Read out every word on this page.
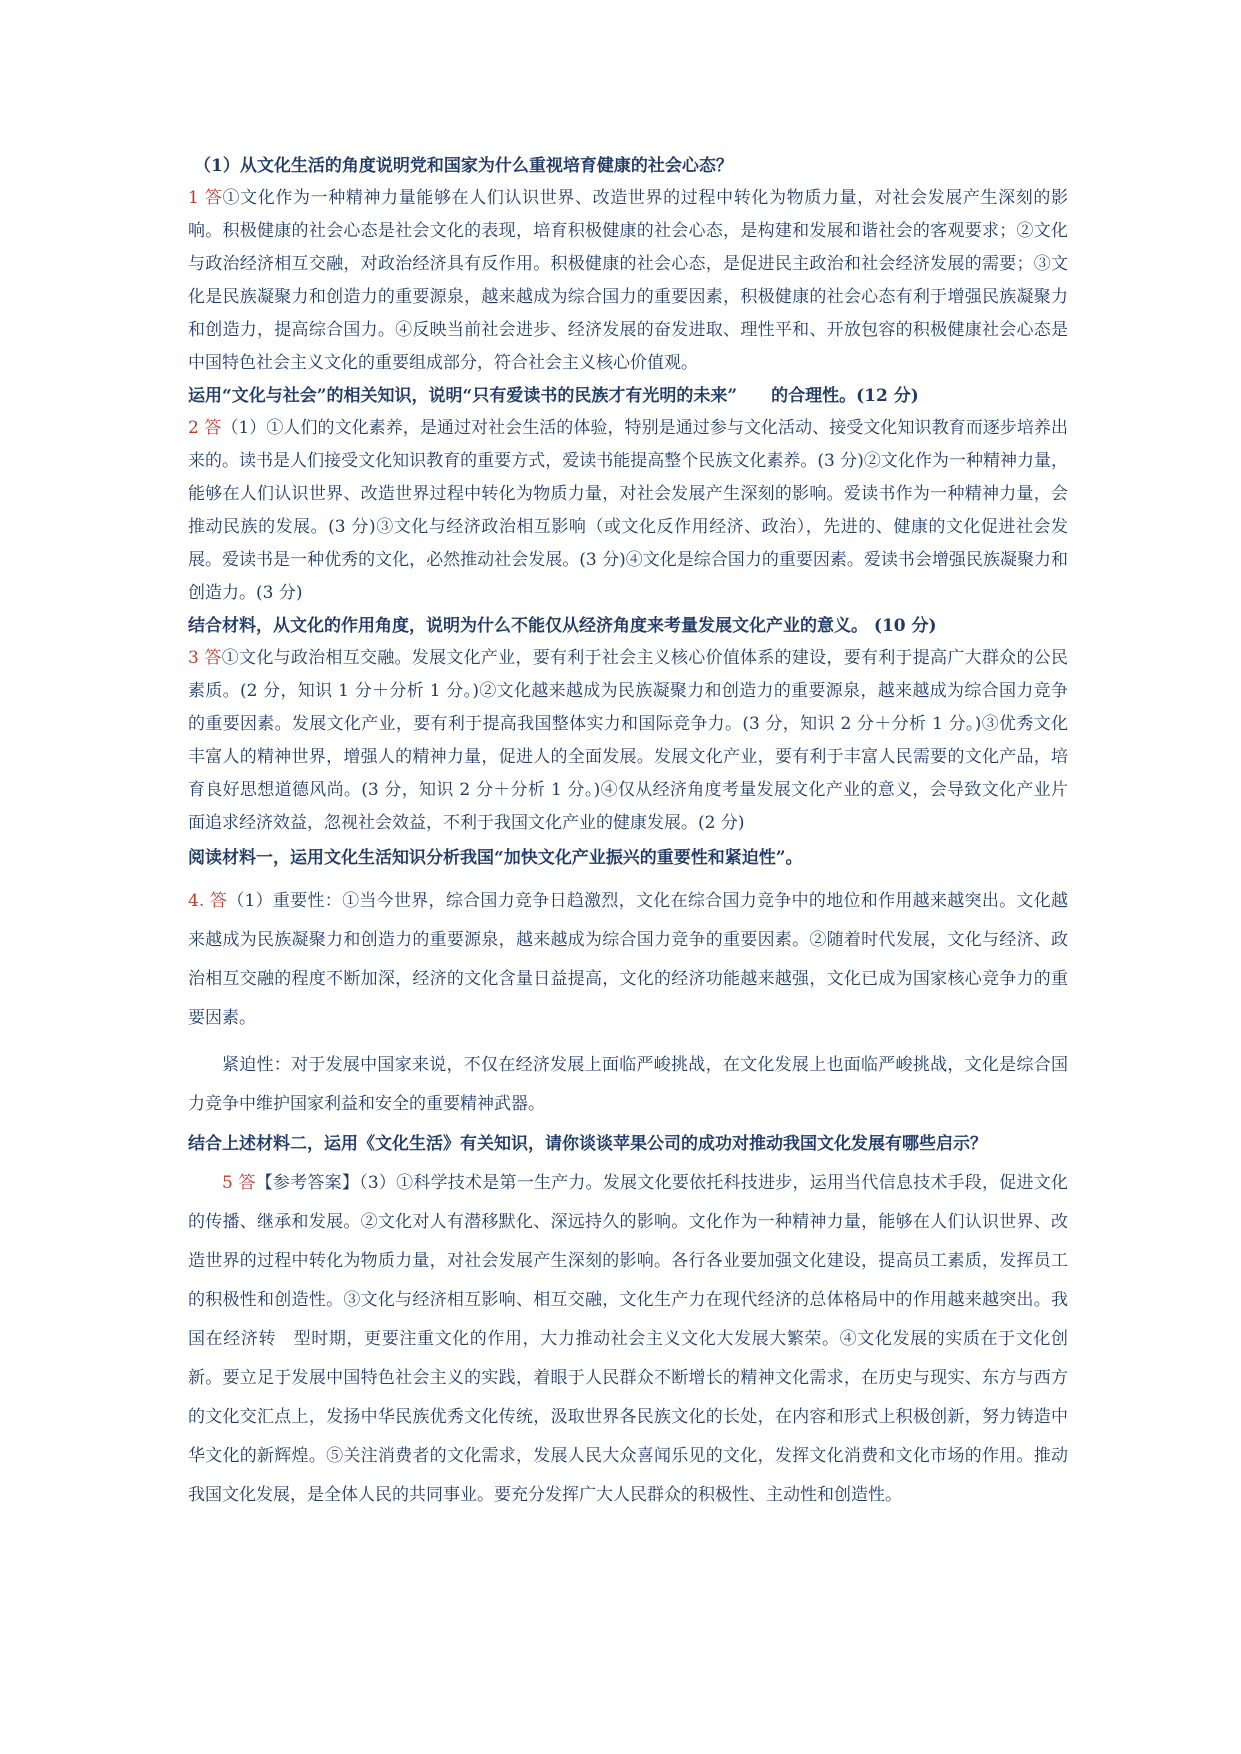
（1）从文化生活的角度说明党和国家为什么重视培育健康的社会心态？

1 答①文化作为一种精神力量能够在人们认识世界、改造世界的过程中转化为物质力量，对社会发展产生深刻的影响。积极健康的社会心态是社会文化的表现，培育积极健康的社会心态，是构建和发展和谐社会的客观要求；②文化与政治经济相互交融，对政治经济具有反作用。积极健康的社会心态，是促进民主政治和社会经济发展的需要；③文化是民族凝聚力和创造力的重要源泉，越来越成为综合国力的重要因素，积极健康的社会心态有利于增强民族凝聚力和创造力，提高综合国力。④反映当前社会进步、经济发展的奋发进取、理性平和、开放包容的积极健康社会心态是中国特色社会主义文化的重要组成部分，符合社会主义核心价值观。

运用“文化与社会”的相关知识，说明“只有爱读书的民族才有光明的未来”　　的合理性。(12 分)

2 答（1）①人们的文化素养，是通过对社会生活的体验，特别是通过参与文化活动、接受文化知识教育而逐步培养出来的。读书是人们接受文化知识教育的重要方式，爱读书能提高整个民族文化素养。(3 分)②文化作为一种精神力量，能够在人们认识世界、改造世界过程中转化为物质力量，对社会发展产生深刻的影响。爱读书作为一种精神力量，会推动民族的发展。(3 分)③文化与经济政治相互影响（或文化反作用经济、政治），先进的、健康的文化促进社会发展。爱读书是一种优秀的文化，必然推动社会发展。(3 分)④文化是综合国力的重要因素。爱读书会增强民族凝聚力和创造力。(3 分)

结合材料，从文化的作用角度，说明为什么不能仅从经济角度来考量发展文化产业的意义。 (10 分)

3 答①文化与政治相互交融。发展文化产业，要有利于社会主义核心价值体系的建设，要有利于提高广大群众的公民素质。(2 分，知识 1 分＋分析 1 分。)②文化越来越成为民族凝聚力和创造力的重要源泉，越来越成为综合国力竞争的重要因素。发展文化产业，要有利于提高我国整体实力和国际竞争力。(3 分，知识 2 分＋分析 1 分。)③优秀文化丰富人的精神世界，增强人的精神力量，促进人的全面发展。发展文化产业，要有利于丰富人民需要的文化产品，培育良好思想道德风尚。(3 分，知识 2 分＋分析 1 分。)④仅从经济角度考量发展文化产业的意义，会导致文化产业片面追求经济效益，忽视社会效益，不利于我国文化产业的健康发展。(2 分)

阅读材料一，运用文化生活知识分析我国“加快文化产业振兴的重要性和紧迫性”。

4. 答（1）重要性：①当今世界，综合国力竞争日趋激烈，文化在综合国力竞争中的地位和作用越来越突出。文化越来越成为民族凝聚力和创造力的重要源泉，越来越成为综合国力竞争的重要因素。②随着时代发展，文化与经济、政治相互交融的程度不断加深，经济的文化含量日益提高，文化的经济功能越来越强，文化已成为国家核心竞争力的重要因素。

紧迫性：对于发展中国家来说，不仅在经济发展上面临严峻挑战，在文化发展上也面临严峻挑战，文化是综合国力竞争中维护国家利益和安全的重要精神武器。

结合上述材料二，运用《文化生活》有关知识，请你谈谈苹果公司的成功对推动我国文化发展有哪些启示？

5 答【参考答案】（3）①科学技术是第一生产力。发展文化要依托科技进步，运用当代信息技术手段，促进文化的传播、继承和发展。②文化对人有潜移默化、深远持久的影响。文化作为一种精神力量，能够在人们认识世界、改造世界的过程中转化为物质力量，对社会发展产生深刻的影响。各行各业要加强文化建设，提高员工素质，发挥员工的积极性和创造性。③文化与经济相互影响、相互交融，文化生产力在现代经济的总体格局中的作用越来越突出。我国在经济转　型时期，更要注重文化的作用，大力推动社会主义文化大发展大繁荣。④文化发展的实质在于文化创新。要立足于发展中国特色社会主义的实践，着眼于人民群众不断增长的精神文化需求，在历史与现实、东方与西方的文化交汇点上，发扬中华民族优秀文化传统，汲取世界各民族文化的长处，在内容和形式上积极创新，努力铸造中华文化的新辉煌。⑤关注消费者的文化需求，发展人民大众喜闻乐见的文化，发挥文化消费和文化市场的作用。推动我国文化发展，是全体人民的共同事业。要充分发挥广大人民群众的积极性、主动性和创造性。
